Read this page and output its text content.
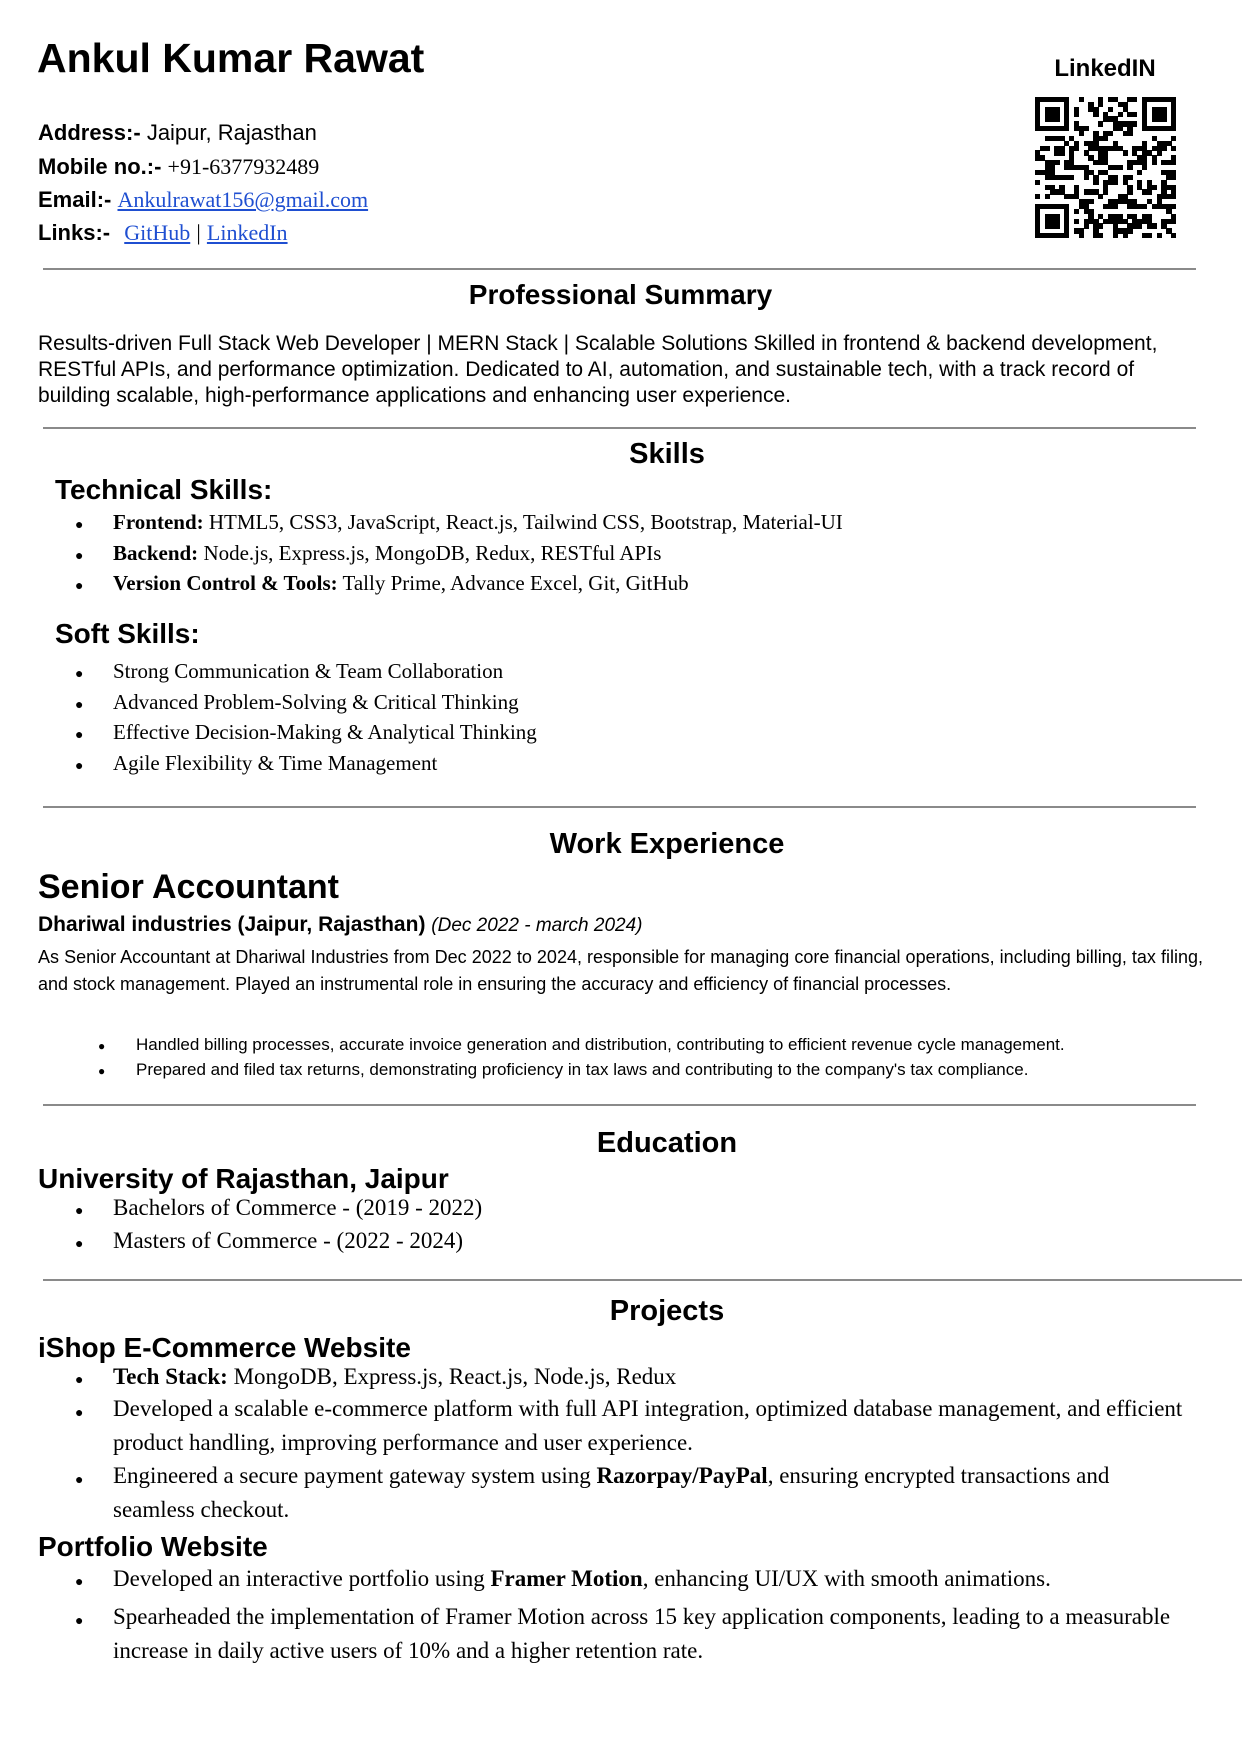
Ankul Kumar Rawat
Address:- Jaipur, Rajasthan
Mobile no.:- +91-6377932489
Email:- Ankulrawat156@gmail.com
Links:- GitHub | LinkedIn
LinkedIN
Professional Summary
Results-driven Full Stack Web Developer | MERN Stack | Scalable Solutions Skilled in frontend & backend development, RESTful APIs, and performance optimization. Dedicated to AI, automation, and sustainable tech, with a track record of building scalable, high-performance applications and enhancing user experience.
Skills
Technical Skills:
● Frontend: HTML5, CSS3, JavaScript, React.js, Tailwind CSS, Bootstrap, Material-UI
● Backend: Node.js, Express.js, MongoDB, Redux, RESTful APIs
● Version Control & Tools: Tally Prime, Advance Excel, Git, GitHub
Soft Skills:
● Strong Communication & Team Collaboration
● Advanced Problem-Solving & Critical Thinking
● Effective Decision-Making & Analytical Thinking
● Agile Flexibility & Time Management
Work Experience
Senior Accountant
Dhariwal industries (Jaipur, Rajasthan) (Dec 2022 - march 2024)
As Senior Accountant at Dhariwal Industries from Dec 2022 to 2024, responsible for managing core financial operations, including billing, tax filing, and stock management. Played an instrumental role in ensuring the accuracy and efficiency of financial processes.
● Handled billing processes, accurate invoice generation and distribution, contributing to efficient revenue cycle management.
● Prepared and filed tax returns, demonstrating proficiency in tax laws and contributing to the company's tax compliance.
Education
University of Rajasthan, Jaipur
● Bachelors of Commerce - (2019 - 2022)
● Masters of Commerce - (2022 - 2024)
Projects
iShop E-Commerce Website
● Tech Stack: MongoDB, Express.js, React.js, Node.js, Redux
● Developed a scalable e-commerce platform with full API integration, optimized database management, and efficient product handling, improving performance and user experience.
● Engineered a secure payment gateway system using Razorpay/PayPal, ensuring encrypted transactions and seamless checkout.
Portfolio Website
● Developed an interactive portfolio using Framer Motion, enhancing UI/UX with smooth animations.
● Spearheaded the implementation of Framer Motion across 15 key application components, leading to a measurable increase in daily active users of 10% and a higher retention rate.
